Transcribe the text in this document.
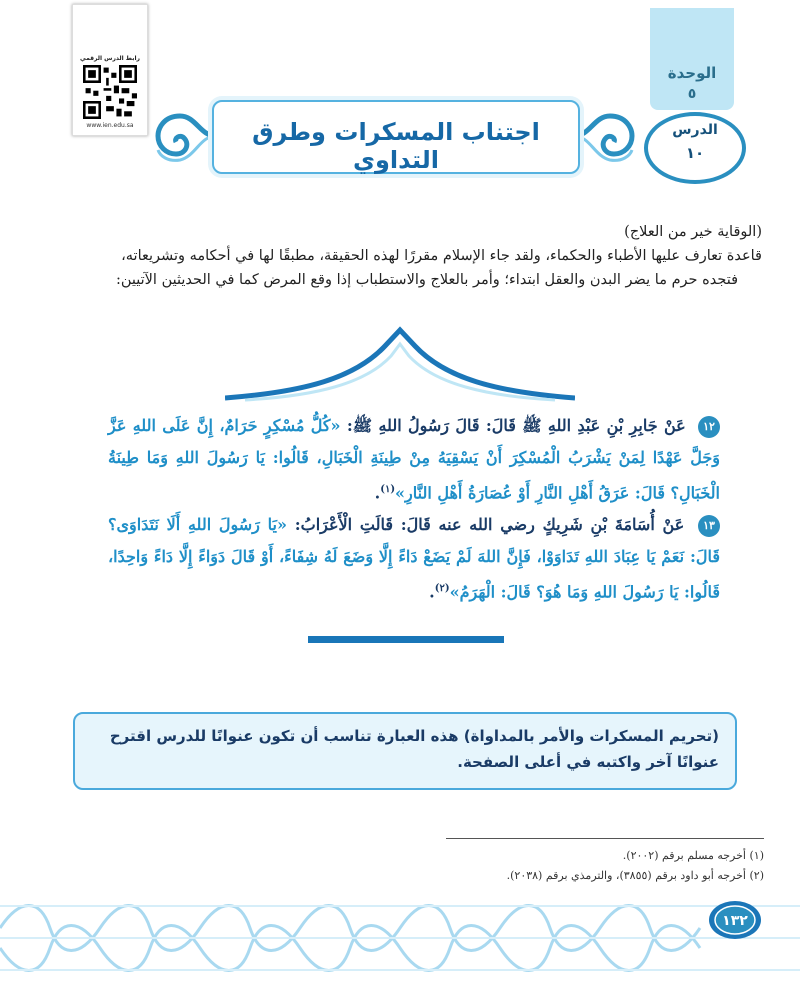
رابط الدرس الرقمي
www.ien.edu.sa
الوحدة
٥
الدرس
١٠
اجتناب المسكرات وطرق التداوي

(الوقاية خير من العلاج)

قاعدة تعارف عليها الأطباء والحكماء، ولقد جاء الإسلام مقررًا لهذه الحقيقة، مطبقًا لها في أحكامه وتشريعاته،

فتجده حرم ما يضر البدن والعقل ابتداء؛ وأمر بالعلاج والاستطباب إذا وقع المرض كما في الحديثين الآتيين:

١٢ عَنْ جَابِرِ بْنِ عَبْدِ اللهِ ﷺ قَالَ: قَالَ رَسُولُ اللهِ ﷺ: «كُلُّ مُسْكِرٍ حَرَامٌ، إِنَّ عَلَى اللهِ عَزَّ وَجَلَّ عَهْدًا لِمَنْ يَشْرَبُ الْمُسْكِرَ أَنْ يَسْقِيَهُ مِنْ طِينَةِ الْخَبَالِ، قَالُوا: يَا رَسُولَ اللهِ وَمَا طِينَةُ الْخَبَالِ؟ قَالَ: عَرَقُ أَهْلِ النَّارِ أَوْ عُصَارَةُ أَهْلِ النَّارِ»$^{(١)}$.

١٣ عَنْ أُسَامَةَ بْنِ شَرِيكٍ رضي الله عنه قَالَ: قَالَتِ الْأَعْرَابُ: «يَا رَسُولَ اللهِ أَلَا نَتَدَاوَى؟ قَالَ: نَعَمْ يَا عِبَادَ اللهِ تَدَاوَوْا، فَإِنَّ اللهَ لَمْ يَضَعْ دَاءً إِلَّا وَضَعَ لَهُ شِفَاءً، أَوْ قَالَ دَوَاءً إِلَّا دَاءً وَاحِدًا، قَالُوا: يَا رَسُولَ اللهِ وَمَا هُوَ؟ قَالَ: الْهَرَمُ»$^{(٢)}$.

(تحريم المسكرات والأمر بالمداواة) هذه العبارة تناسب أن تكون عنوانًا للدرس اقترح عنوانًا آخر واكتبه في أعلى الصفحة.

(١) أخرجه مسلم برقم (٢٠٠٢).

(٢) أخرجه أبو داود برقم (٣٨٥٥)، والترمذي برقم (٢٠٣٨).

١٣٢
